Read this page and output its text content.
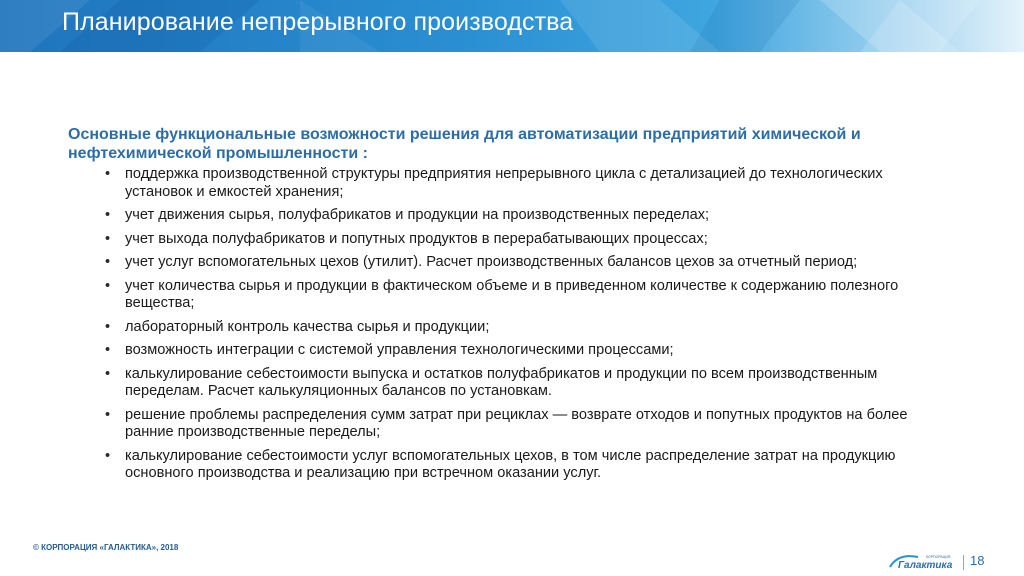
Планирование непрерывного производства
Основные функциональные возможности решения для автоматизации предприятий химической и нефтехимической промышленности :
• поддержка производственной структуры предприятия непрерывного цикла с детализацией до технологических установок и емкостей хранения;
• учет движения сырья, полуфабрикатов и продукции на производственных переделах;
• учет выхода полуфабрикатов и попутных продуктов в перерабатывающих процессах;
• учет услуг вспомогательных цехов (утилит). Расчет производственных балансов цехов за отчетный период;
• учет количества сырья и продукции в фактическом объеме и в приведенном количестве к содержанию полезного вещества;
• лабораторный контроль качества сырья и продукции;
• возможность интеграции с системой управления технологическими процессами;
• калькулирование себестоимости выпуска и остатков полуфабрикатов и продукции по всем производственным переделам. Расчет калькуляционных балансов по установкам.
• решение проблемы распределения сумм затрат при рециклах — возврате отходов и попутных продуктов на более ранние производственные переделы;
• калькулирование себестоимости услуг вспомогательных цехов, в том числе распределение затрат на продукцию основного производства и реализацию при встречном оказании услуг.
© КОРПОРАЦИЯ «ГАЛАКТИКА», 2018
КОРПОРАЦИЯ
Галактика 18
